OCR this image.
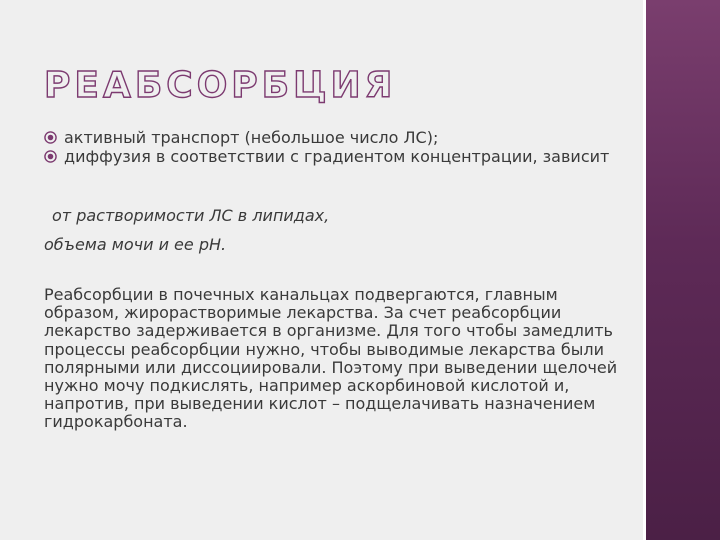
РЕАБСОРБЦИЯ
активный транспорт (небольшое число ЛС);
диффузия в соответствии с градиентом концентрации, зависит
от растворимости ЛС в липидах,
объема мочи и ее рН.

Реабсорбции в почечных канальцах подвергаются, главным образом, жирорастворимые лекарства. За счет реабсорбции лекарство задерживается в организме. Для того чтобы замедлить процессы реабсорбции нужно, чтобы выводимые лекарства были полярными или диссоциировали. Поэтому при выведении щелочей нужно мочу подкислять, например аскорбиновой кислотой и, напротив, при выведении кислот – подщелачивать назначением гидрокарбоната.
